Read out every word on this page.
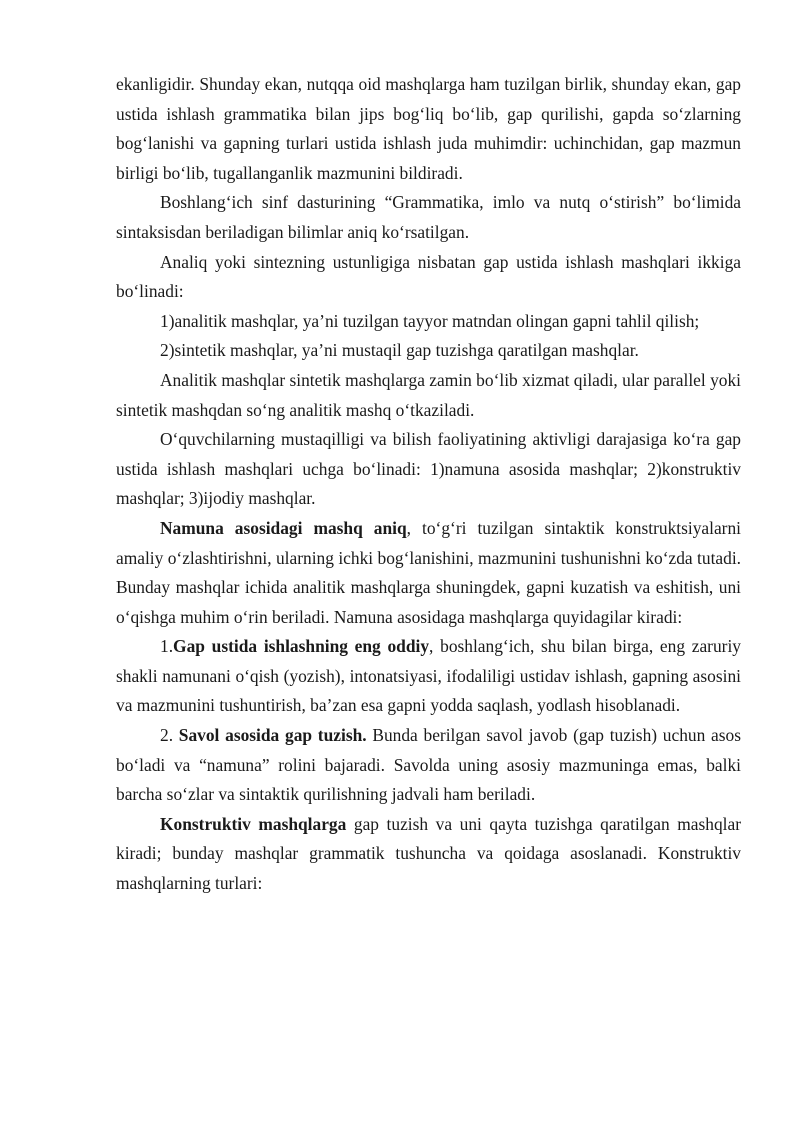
ekanligidir. Shunday ekan, nutqqa oid mashqlarga ham tuzilgan birlik, shunday ekan, gap ustida ishlash grammatika bilan jips bog‘liq bo‘lib, gap qurilishi, gapda so‘zlarning bog‘lanishi va gapning turlari ustida ishlash juda muhimdir: uchinchidan, gap mazmun birligi bo‘lib, tugallanganlik mazmunini bildiradi.

Boshlang‘ich sinf dasturining “Grammatika, imlo va nutq o‘stirish” bo‘limida sintaksisdan beriladigan bilimlar aniq ko‘rsatilgan.

Analiq yoki sintezning ustunligiga nisbatan gap ustida ishlash mashqlari ikkiga bo‘linadi:

1)analitik mashqlar, ya’ni tuzilgan tayyor matndan olingan gapni tahlil qilish;

2)sintetik mashqlar, ya’ni mustaqil gap tuzishga qaratilgan mashqlar.

Analitik mashqlar sintetik mashqlarga zamin bo‘lib xizmat qiladi, ular parallel yoki sintetik mashqdan so‘ng analitik mashq o‘tkaziladi.

O‘quvchilarning mustaqilligi va bilish faoliyatining aktivligi darajasiga ko‘ra gap ustida ishlash mashqlari uchga bo‘linadi: 1)namuna asosida mashqlar; 2)konstruktiv mashqlar; 3)ijodiy mashqlar.

Namuna asosidagi mashq aniq, to‘g‘ri tuzilgan sintaktik konstruktsiyalarni amaliy o‘zlashtirishni, ularning ichki bog‘lanishini, mazmunini tushunishni ko‘zda tutadi. Bunday mashqlar ichida analitik mashqlarga shuningdek, gapni kuzatish va eshitish, uni o‘qishga muhim o‘rin beriladi. Namuna asosidaga mashqlarga quyidagilar kiradi:

1.Gap ustida ishlashning eng oddiy, boshlang‘ich, shu bilan birga, eng zaruriy shakli namunani o‘qish (yozish), intonatsiyasi, ifodaliligi ustidav ishlash, gapning asosini va mazmunini tushuntirish, ba’zan esa gapni yodda saqlash, yodlash hisoblanadi.

2. Savol asosida gap tuzish. Bunda berilgan savol javob (gap tuzish) uchun asos bo‘ladi va “namuna” rolini bajaradi. Savolda uning asosiy mazmuninga emas, balki barcha so‘zlar va sintaktik qurilishning jadvali ham beriladi.

Konstruktiv mashqlarga gap tuzish va uni qayta tuzishga qaratilgan mashqlar kiradi; bunday mashqlar grammatik tushuncha va qoidaga asoslanadi. Konstruktiv mashqlarning turlari:
